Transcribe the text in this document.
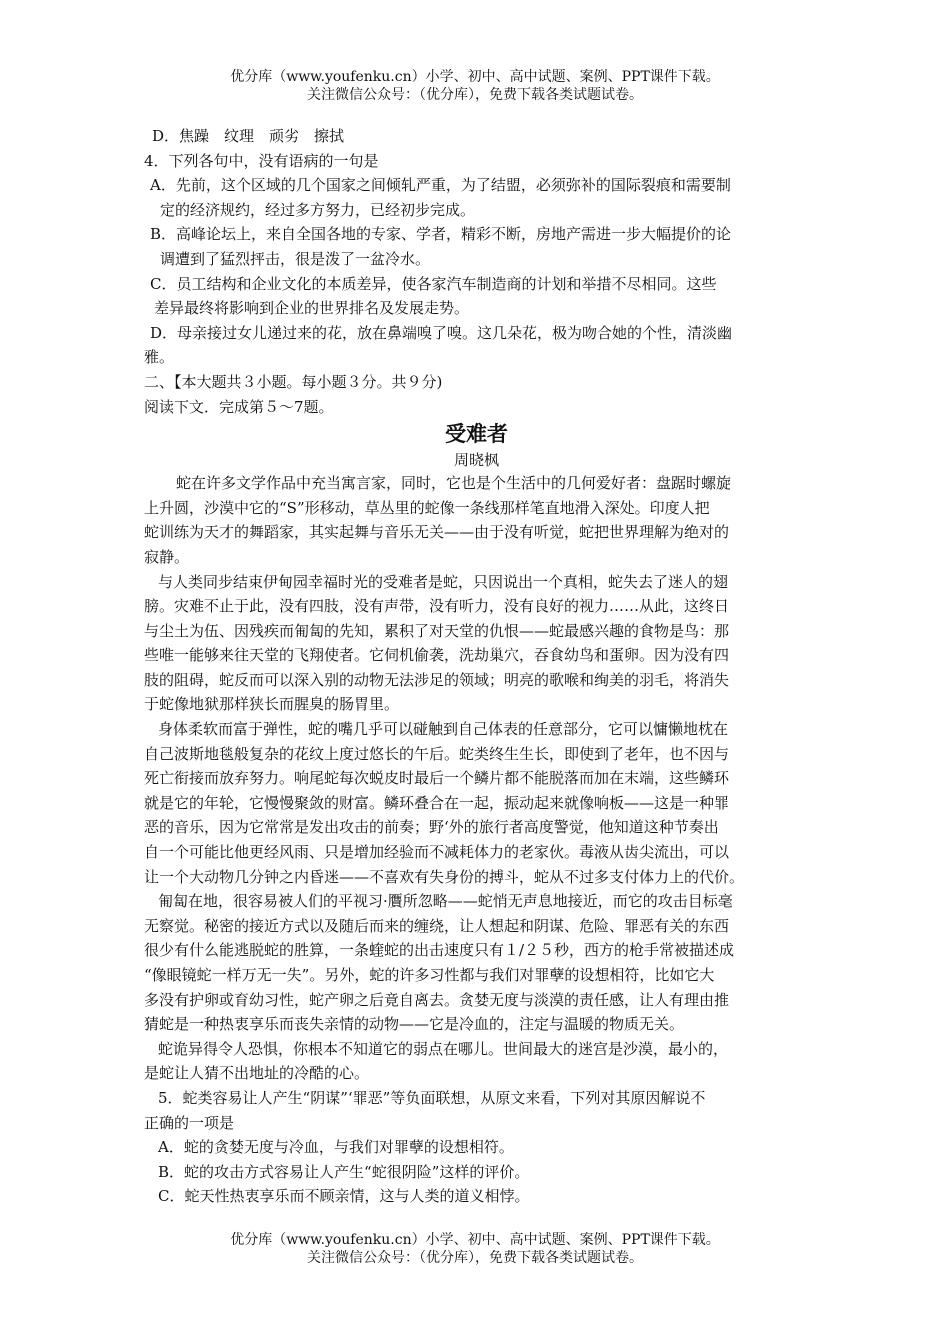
优分库（www.youfenku.cn）小学、初中、高中试题、案例、PPT课件下载。
关注微信公众号：（优分库），免费下载各类试题试卷。
D．焦躁　纹理　顽劣　擦拭
4．下列各句中，没有语病的一句是
A．先前，这个区域的几个国家之间倾轧严重，为了结盟，必须弥补的国际裂痕和需要制
定的经济规约，经过多方努力，已经初步完成。
B．高峰论坛上，来自全国各地的专家、学者，精彩不断，房地产需进一步大幅提价的论
调遭到了猛烈抨击，很是泼了一盆冷水。
C．员工结构和企业文化的本质差异，使各家汽车制造商的计划和举措不尽相同。这些
差异最终将影响到企业的世界排名及发展走势。
D．母亲接过女儿递过来的花，放在鼻端嗅了嗅。这几朵花，极为吻合她的个性，清淡幽
雅。
二、【本大题共３小题。每小题３分。共９分)
阅读下文．完成第５～7题。
受难者
周晓枫
蛇在许多文学作品中充当寓言家，同时，它也是个生活中的几何爱好者：盘踞时螺旋
上升圆，沙漠中它的“S”形移动，草丛里的蛇像一条线那样笔直地滑入深处。印度人把
蛇训练为天才的舞蹈家，其实起舞与音乐无关——由于没有听觉，蛇把世界理解为绝对的
寂静。
与人类同步结束伊甸园幸福时光的受难者是蛇，只因说出一个真相，蛇失去了迷人的翅
膀。灾难不止于此，没有四肢，没有声带，没有听力，没有良好的视力……从此，这终日
与尘土为伍、因残疾而匍匐的先知，累积了对天堂的仇恨——蛇最感兴趣的食物是鸟：那
些唯一能够来往天堂的飞翔使者。它伺机偷袭，洗劫巢穴，吞食幼鸟和蛋卵。因为没有四
肢的阻碍，蛇反而可以深入别的动物无法涉足的领域；明亮的歌喉和绚美的羽毛，将消失
于蛇像地狱那样狭长而腥臭的肠胃里。
身体柔软而富于弹性，蛇的嘴几乎可以碰触到自己体表的任意部分，它可以慵懒地枕在
自己波斯地毯般复杂的花纹上度过悠长的午后。蛇类终生生长，即使到了老年，也不因与
死亡衔接而放弃努力。响尾蛇每次蜕皮时最后一个鳞片都不能脱落而加在末端，这些鳞环
就是它的年轮，它慢慢聚敛的财富。鳞环叠合在一起，振动起来就像响板——这是一种罪
恶的音乐，因为它常常是发出攻击的前奏；野‘外的旅行者高度警觉，他知道这种节奏出
自一个可能比他更经风雨、只是增加经验而不减耗体力的老家伙。毒液从齿尖流出，可以
让一个大动物几分钟之内昏迷——不喜欢有失身份的搏斗，蛇从不过多支付体力上的代价。
匍匐在地，很容易被人们的平视习·贋所忽略——蛇悄无声息地接近，而它的攻击目标毫
无察觉。秘密的接近方式以及随后而来的缠绕，让人想起和阴谋、危险、罪恶有关的东西
很少有什么能逃脱蛇的胜算，一条蝰蛇的出击速度只有１/２５秒，西方的枪手常被描述成
“像眼镜蛇一样万无一失”。另外，蛇的许多习性都与我们对罪孽的设想相符，比如它大
多没有护卵或育幼习性，蛇产卵之后竟自离去。贪婪无度与淡漠的责任感，让人有理由推
猜蛇是一种热衷享乐而丧失亲情的动物——它是冷血的，注定与温暖的物质无关。
蛇诡异得令人恐惧，你根本不知道它的弱点在哪儿。世间最大的迷宫是沙漠，最小的，
是蛇让人猜不出地址的冷酷的心。
5．蛇类容易让人产生“阴谋”‘罪恶”等负面联想，从原文来看，下列对其原因解说不
正确的一项是
A．蛇的贪婪无度与冷血，与我们对罪孽的设想相符。
B．蛇的攻击方式容易让人产生“蛇很阴险”这样的评价。
C．蛇天性热衷享乐而不顾亲情，这与人类的道义相悖。
优分库（www.youfenku.cn）小学、初中、高中试题、案例、PPT课件下载。
关注微信公众号：（优分库），免费下载各类试题试卷。
